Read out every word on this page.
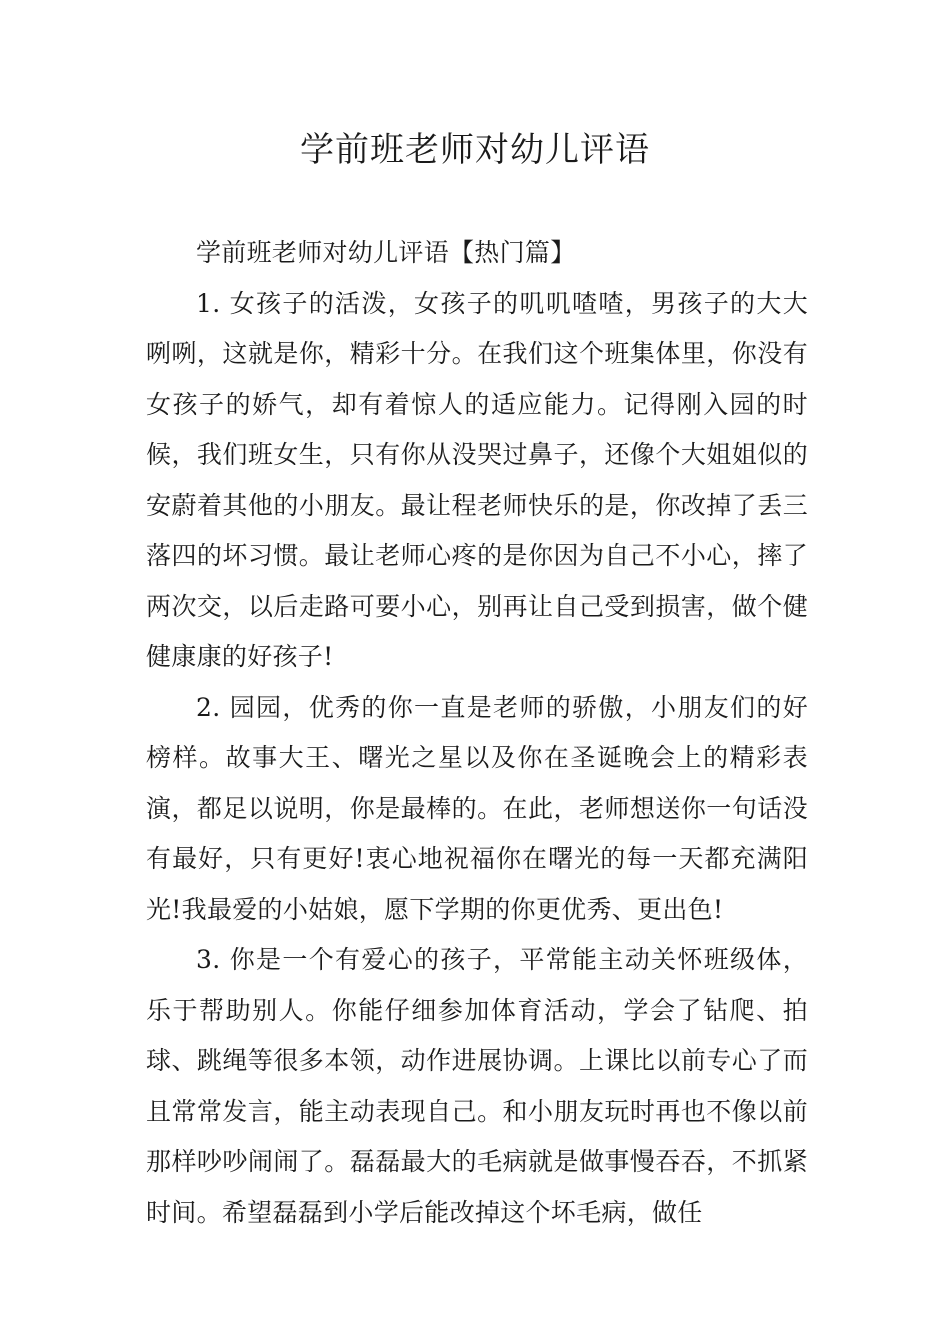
学前班老师对幼儿评语

学前班老师对幼儿评语【热门篇】

1. 女孩子的活泼，女孩子的叽叽喳喳，男孩子的大大咧咧，这就是你，精彩十分。在我们这个班集体里，你没有女孩子的娇气，却有着惊人的适应能力。记得刚入园的时候，我们班女生，只有你从没哭过鼻子，还像个大姐姐似的安蔚着其他的小朋友。最让程老师快乐的是，你改掉了丢三落四的坏习惯。最让老师心疼的是你因为自己不小心，摔了两次交，以后走路可要小心，别再让自己受到损害，做个健健康康的好孩子!

2. 园园，优秀的你一直是老师的骄傲，小朋友们的好榜样。故事大王、曙光之星以及你在圣诞晚会上的精彩表演，都足以说明，你是最棒的。在此，老师想送你一句话没有最好，只有更好!衷心地祝福你在曙光的每一天都充满阳光!我最爱的小姑娘，愿下学期的你更优秀、更出色!

3. 你是一个有爱心的孩子，平常能主动关怀班级体，乐于帮助别人。你能仔细参加体育活动，学会了钻爬、拍球、跳绳等很多本领，动作进展协调。上课比以前专心了而且常常发言，能主动表现自己。和小朋友玩时再也不像以前那样吵吵闹闹了。磊磊最大的毛病就是做事慢吞吞，不抓紧时间。希望磊磊到小学后能改掉这个坏毛病，做任
